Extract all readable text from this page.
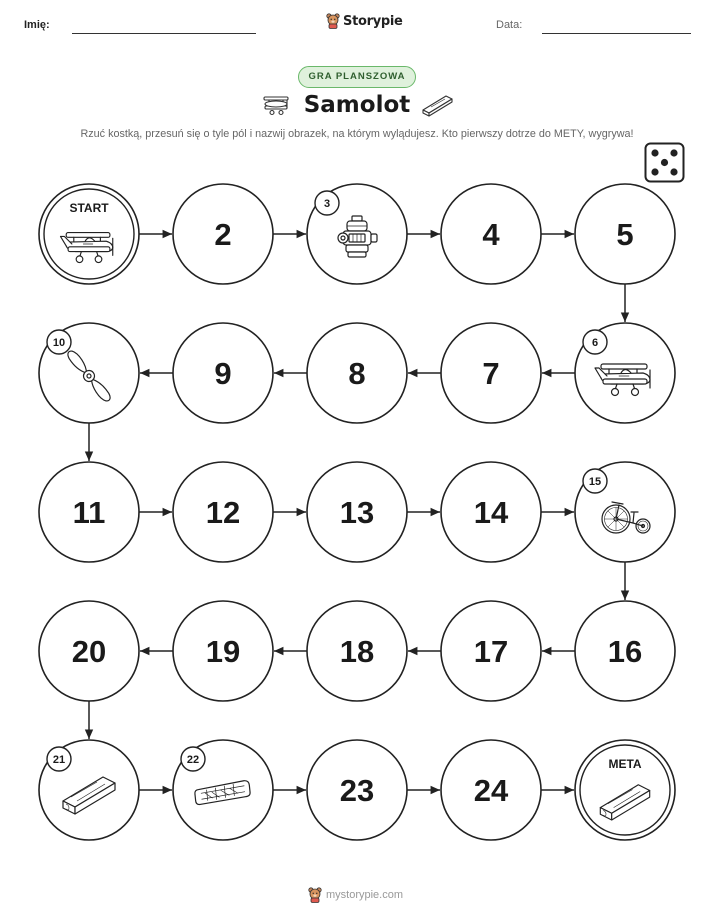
Imię:	Storypie	Data:
GRA PLANSZOWA
Samolot
Rzuć kostką, przesuń się o tyle pól i nazwij obrazek, na którym wylądujesz. Kto pierwszy dotrze do METY, wygrywa!
START
2
3
4	5
6
7
8
9
10
11	12	13	14
15
16
17
18
19
20
21	22
23	24
META
mystorypie.com
